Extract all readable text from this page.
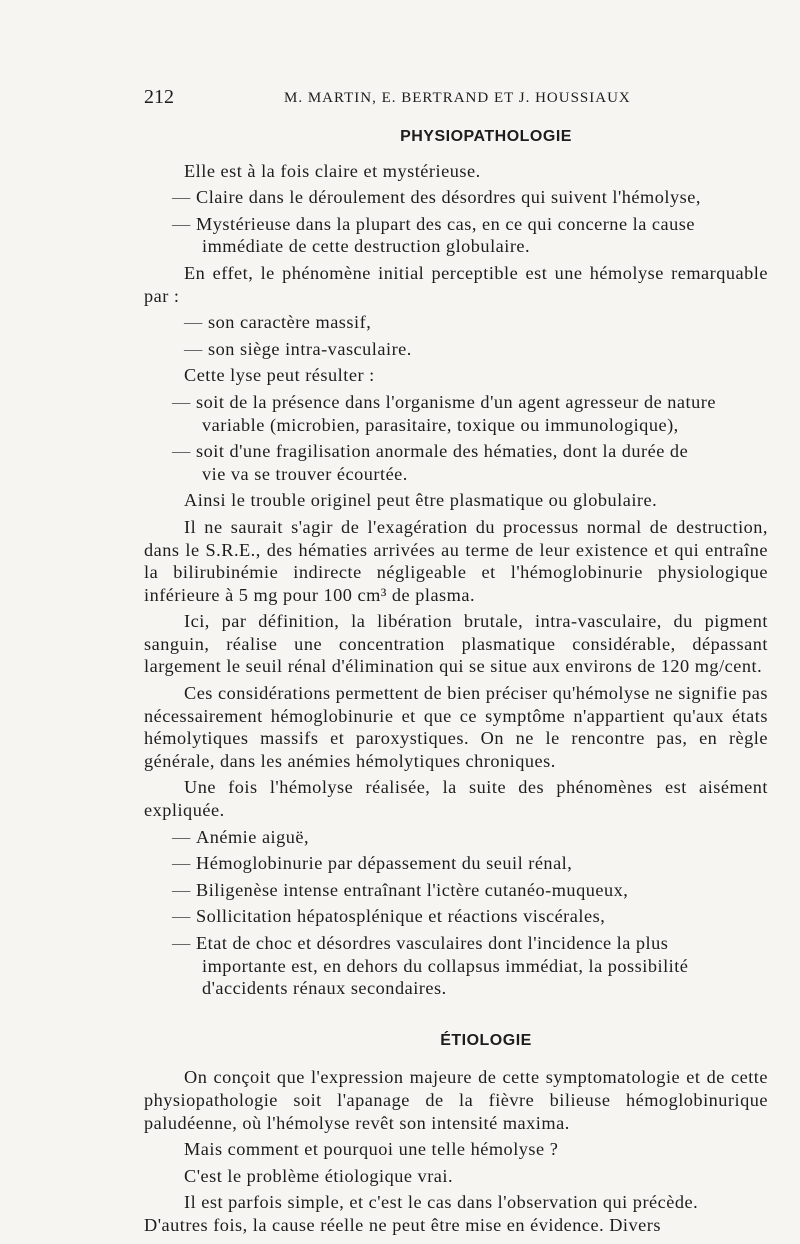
212	M. MARTIN, E. BERTRAND ET J. HOUSSIAUX
PHYSIOPATHOLOGIE

Elle est à la fois claire et mystérieuse.

— Claire dans le déroulement des désordres qui suivent l'hémolyse,
— Mystérieuse dans la plupart des cas, en ce qui concerne la cause
immédiate de cette destruction globulaire.

En effet, le phénomène initial perceptible est une hémolyse remarquable par :

— son caractère massif,
— son siège intra-vasculaire.

Cette lyse peut résulter :

— soit de la présence dans l'organisme d'un agent agresseur de nature
variable (microbien, parasitaire, toxique ou immunologique),
— soit d'une fragilisation anormale des hématies, dont la durée de
vie va se trouver écourtée.

Ainsi le trouble originel peut être plasmatique ou globulaire.

Il ne saurait s'agir de l'exagération du processus normal de destruction, dans le S.R.E., des hématies arrivées au terme de leur existence et qui entraîne la bilirubinémie indirecte négligeable et l'hémoglobinurie physiologique inférieure à 5 mg pour 100 cm³ de plasma.

Ici, par définition, la libération brutale, intra-vasculaire, du pigment sanguin, réalise une concentration plasmatique considérable, dépassant largement le seuil rénal d'élimination qui se situe aux environs de 120 mg/cent.

Ces considérations permettent de bien préciser qu'hémolyse ne signifie pas nécessairement hémoglobinurie et que ce symptôme n'appartient qu'aux états hémolytiques massifs et paroxystiques. On ne le rencontre pas, en règle générale, dans les anémies hémolytiques chroniques.

Une fois l'hémolyse réalisée, la suite des phénomènes est aisément expliquée.

— Anémie aiguë,
— Hémoglobinurie par dépassement du seuil rénal,
— Biligenèse intense entraînant l'ictère cutanéo-muqueux,
— Sollicitation hépatosplénique et réactions viscérales,
— Etat de choc et désordres vasculaires dont l'incidence la plus
importante est, en dehors du collapsus immédiat, la possibilité
d'accidents rénaux secondaires.
ÉTIOLOGIE

On conçoit que l'expression majeure de cette symptomatologie et de cette physiopathologie soit l'apanage de la fièvre bilieuse hémoglobinurique paludéenne, où l'hémolyse revêt son intensité maxima.

Mais comment et pourquoi une telle hémolyse ?

C'est le problème étiologique vrai.

Il est parfois simple, et c'est le cas dans l'observation qui précède.

D'autres fois, la cause réelle ne peut être mise en évidence. Divers
